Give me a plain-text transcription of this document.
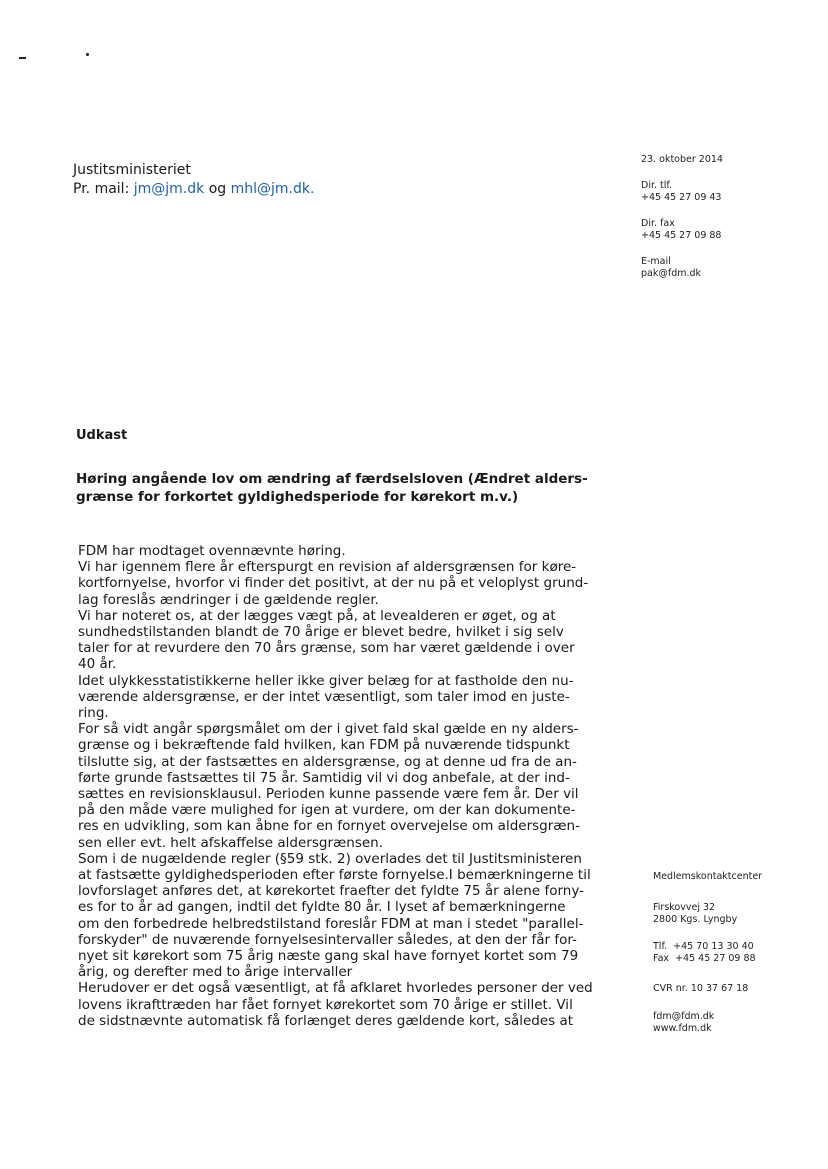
Justitsministeriet
Pr. mail: jm@jm.dk og mhl@jm.dk.
23. oktober 2014
Dir. tlf.
+45 45 27 09 43
Dir. fax
+45 45 27 09 88
E-mail
pak@fdm.dk
Udkast
Høring angående lov om ændring af færdselsloven (Ændret alders-
grænse for forkortet gyldighedsperiode for kørekort m.v.)
FDM har modtaget ovennævnte høring.
Vi har igennem flere år efterspurgt en revision af aldersgrænsen for køre-
kortfornyelse, hvorfor vi finder det positivt, at der nu på et veloplyst grund-
lag foreslås ændringer i de gældende regler.
Vi har noteret os, at der lægges vægt på, at levealderen er øget, og at
sundhedstilstanden blandt de 70 årige er blevet bedre, hvilket i sig selv
taler for at revurdere den 70 års grænse, som har været gældende i over
40 år.
Idet ulykkesstatistikkerne heller ikke giver belæg for at fastholde den nu-
værende aldersgrænse, er der intet væsentligt, som taler imod en juste-
ring.
For så vidt angår spørgsmålet om der i givet fald skal gælde en ny alders-
grænse og i bekræftende fald hvilken, kan FDM på nuværende tidspunkt
tilslutte sig, at der fastsættes en aldersgrænse, og at denne ud fra de an-
førte grunde fastsættes til 75 år. Samtidig vil vi dog anbefale, at der ind-
sættes en revisionsklausul. Perioden kunne passende være fem år. Der vil
på den måde være mulighed for igen at vurdere, om der kan dokumente-
res en udvikling, som kan åbne for en fornyet overvejelse om aldersgræn-
sen eller evt. helt afskaffelse aldersgrænsen.
Som i de nugældende regler (§59 stk. 2) overlades det til Justitsministeren
at fastsætte gyldighedsperioden efter første fornyelse.I bemærkningerne til
lovforslaget anføres det, at kørekortet fraefter det fyldte 75 år alene forny-
es for to år ad gangen, indtil det fyldte 80 år. I lyset af bemærkningerne
om den forbedrede helbredstilstand foreslår FDM at man i stedet "parallel-
forskyder" de nuværende fornyelsesintervaller således, at den der får for-
nyet sit kørekort som 75 årig næste gang skal have fornyet kortet som 79
årig, og derefter med to årige intervaller
Herudover er det også væsentligt, at få afklaret hvorledes personer der ved
lovens ikrafttræden har fået fornyet kørekortet som 70 årige er stillet. Vil
de sidstnævnte automatisk få forlænget deres gældende kort, således at
Medlemskontaktcenter
Firskovvej 32
2800 Kgs. Lyngby
Tlf. +45 70 13 30 40
Fax +45 45 27 09 88
CVR nr. 10 37 67 18
fdm@fdm.dk
www.fdm.dk
